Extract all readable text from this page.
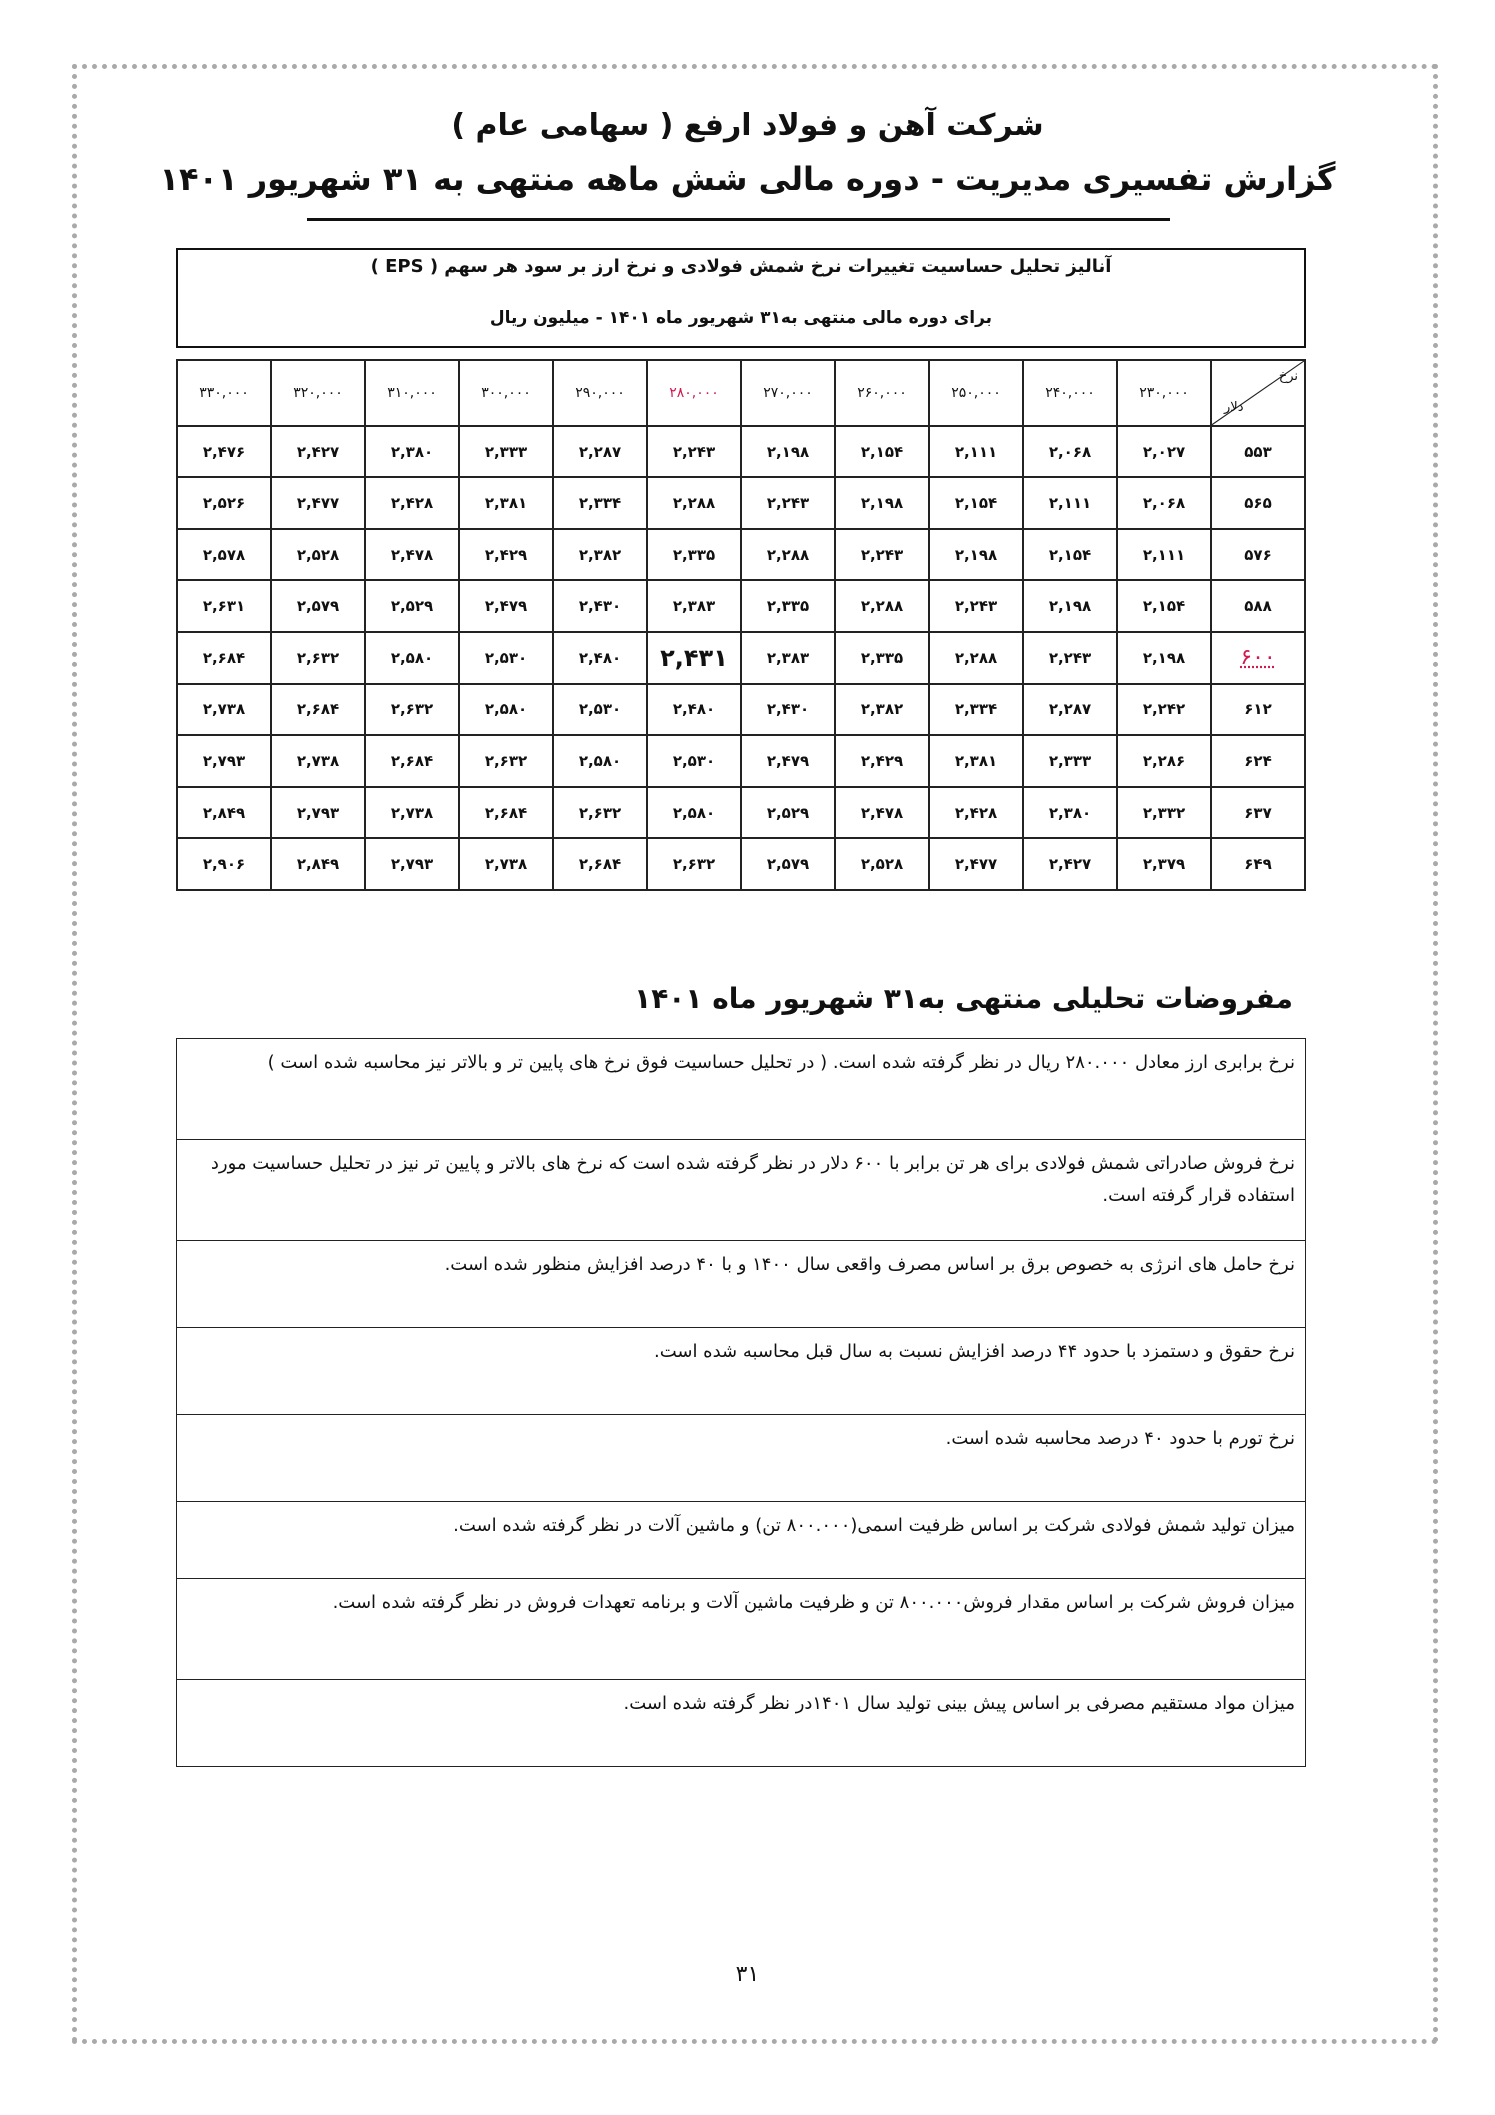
شرکت آهن و فولاد ارفع ( سهامی عام )
گزارش تفسیری مدیریت - دوره مالی شش ماهه منتهی به ۳۱ شهریور ۱۴۰۱
آنالیز تحلیل حساسیت تغییرات نرخ شمش فولادی و نرخ ارز بر سود هر سهم ( EPS )
برای دوره مالی منتهی به۳۱ شهریور ماه ۱۴۰۱ - میلیون ریال
نرخ
دلار	۲۳۰,۰۰۰	۲۴۰,۰۰۰	۲۵۰,۰۰۰	۲۶۰,۰۰۰	۲۷۰,۰۰۰	۲۸۰,۰۰۰	۲۹۰,۰۰۰	۳۰۰,۰۰۰	۳۱۰,۰۰۰	۳۲۰,۰۰۰	۳۳۰,۰۰۰
۵۵۳	۲,۰۲۷	۲,۰۶۸	۲,۱۱۱	۲,۱۵۴	۲,۱۹۸	۲,۲۴۳	۲,۲۸۷	۲,۳۳۳	۲,۳۸۰	۲,۴۲۷	۲,۴۷۶
۵۶۵	۲,۰۶۸	۲,۱۱۱	۲,۱۵۴	۲,۱۹۸	۲,۲۴۳	۲,۲۸۸	۲,۳۳۴	۲,۳۸۱	۲,۴۲۸	۲,۴۷۷	۲,۵۲۶
۵۷۶	۲,۱۱۱	۲,۱۵۴	۲,۱۹۸	۲,۲۴۳	۲,۲۸۸	۲,۳۳۵	۲,۳۸۲	۲,۴۲۹	۲,۴۷۸	۲,۵۲۸	۲,۵۷۸
۵۸۸	۲,۱۵۴	۲,۱۹۸	۲,۲۴۳	۲,۲۸۸	۲,۳۳۵	۲,۳۸۳	۲,۴۳۰	۲,۴۷۹	۲,۵۲۹	۲,۵۷۹	۲,۶۳۱
۶۰۰	۲,۱۹۸	۲,۲۴۳	۲,۲۸۸	۲,۳۳۵	۲,۳۸۳	۲,۴۳۱	۲,۴۸۰	۲,۵۳۰	۲,۵۸۰	۲,۶۳۲	۲,۶۸۴
۶۱۲	۲,۲۴۲	۲,۲۸۷	۲,۳۳۴	۲,۳۸۲	۲,۴۳۰	۲,۴۸۰	۲,۵۳۰	۲,۵۸۰	۲,۶۳۲	۲,۶۸۴	۲,۷۳۸
۶۲۴	۲,۲۸۶	۲,۳۳۳	۲,۳۸۱	۲,۴۲۹	۲,۴۷۹	۲,۵۳۰	۲,۵۸۰	۲,۶۳۲	۲,۶۸۴	۲,۷۳۸	۲,۷۹۳
۶۳۷	۲,۳۳۲	۲,۳۸۰	۲,۴۲۸	۲,۴۷۸	۲,۵۲۹	۲,۵۸۰	۲,۶۳۲	۲,۶۸۴	۲,۷۳۸	۲,۷۹۳	۲,۸۴۹
۶۴۹	۲,۳۷۹	۲,۴۲۷	۲,۴۷۷	۲,۵۲۸	۲,۵۷۹	۲,۶۳۲	۲,۶۸۴	۲,۷۳۸	۲,۷۹۳	۲,۸۴۹	۲,۹۰۶
مفروضات تحلیلی منتهی به۳۱ شهریور ماه ۱۴۰۱
نرخ برابری ارز معادل ۲۸۰.۰۰۰ ریال در نظر گرفته شده است. ( در تحلیل حساسیت فوق نرخ های پایین تر و بالاتر نیز محاسبه شده است )
نرخ فروش صادراتی شمش فولادی برای هر تن برابر با ۶۰۰ دلار در نظر گرفته شده است که نرخ های بالاتر و پایین تر نیز در تحلیل حساسیت مورد استفاده قرار گرفته است.
نرخ حامل های انرژی به خصوص برق بر اساس مصرف واقعی سال ۱۴۰۰ و با ۴۰ درصد افزایش منظور شده است.
نرخ حقوق و دستمزد با حدود ۴۴ درصد افزایش نسبت به سال قبل محاسبه شده است.
نرخ تورم با حدود ۴۰ درصد محاسبه شده است.
میزان تولید شمش فولادی شرکت بر اساس ظرفیت اسمی(۸۰۰.۰۰۰ تن) و ماشین آلات در نظر گرفته شده است.
میزان فروش شرکت بر اساس مقدار فروش۸۰۰.۰۰۰ تن و ظرفیت ماشین آلات و برنامه تعهدات فروش در نظر گرفته شده است.
میزان مواد مستقیم مصرفی بر اساس پیش بینی تولید سال ۱۴۰۱در نظر گرفته شده است.
۳۱
